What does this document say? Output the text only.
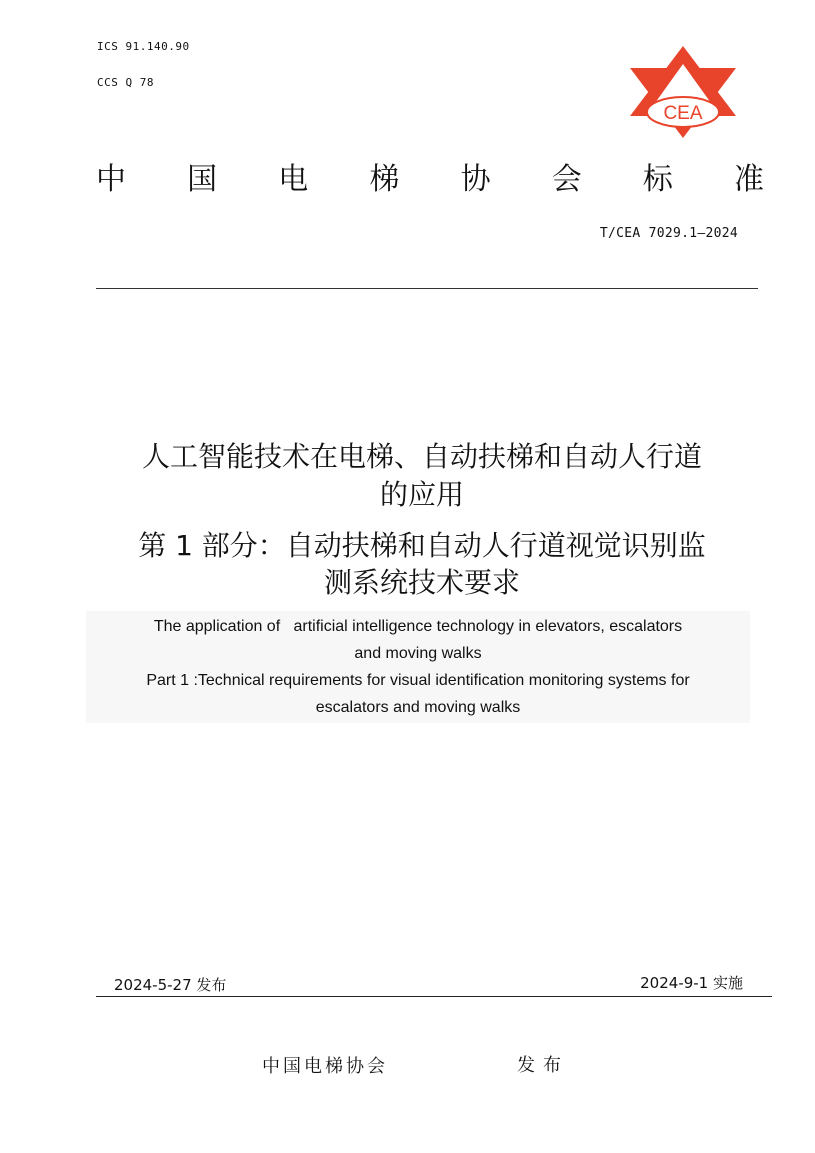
ICS 91.140.90
CCS Q 78
CEA
中 国 电 梯 协 会 标 准
T/CEA 7029.1—2024
人工智能技术在电梯、自动扶梯和自动人行道
的应用
第 1 部分：自动扶梯和自动人行道视觉识别监
测系统技术要求
The application of   artificial intelligence technology in elevators, escalators
and moving walks
Part 1 :Technical requirements for visual identification monitoring systems for
escalators and moving walks
2024-5-27 发布	2024-9-1 实施
中国电梯协会	发布
